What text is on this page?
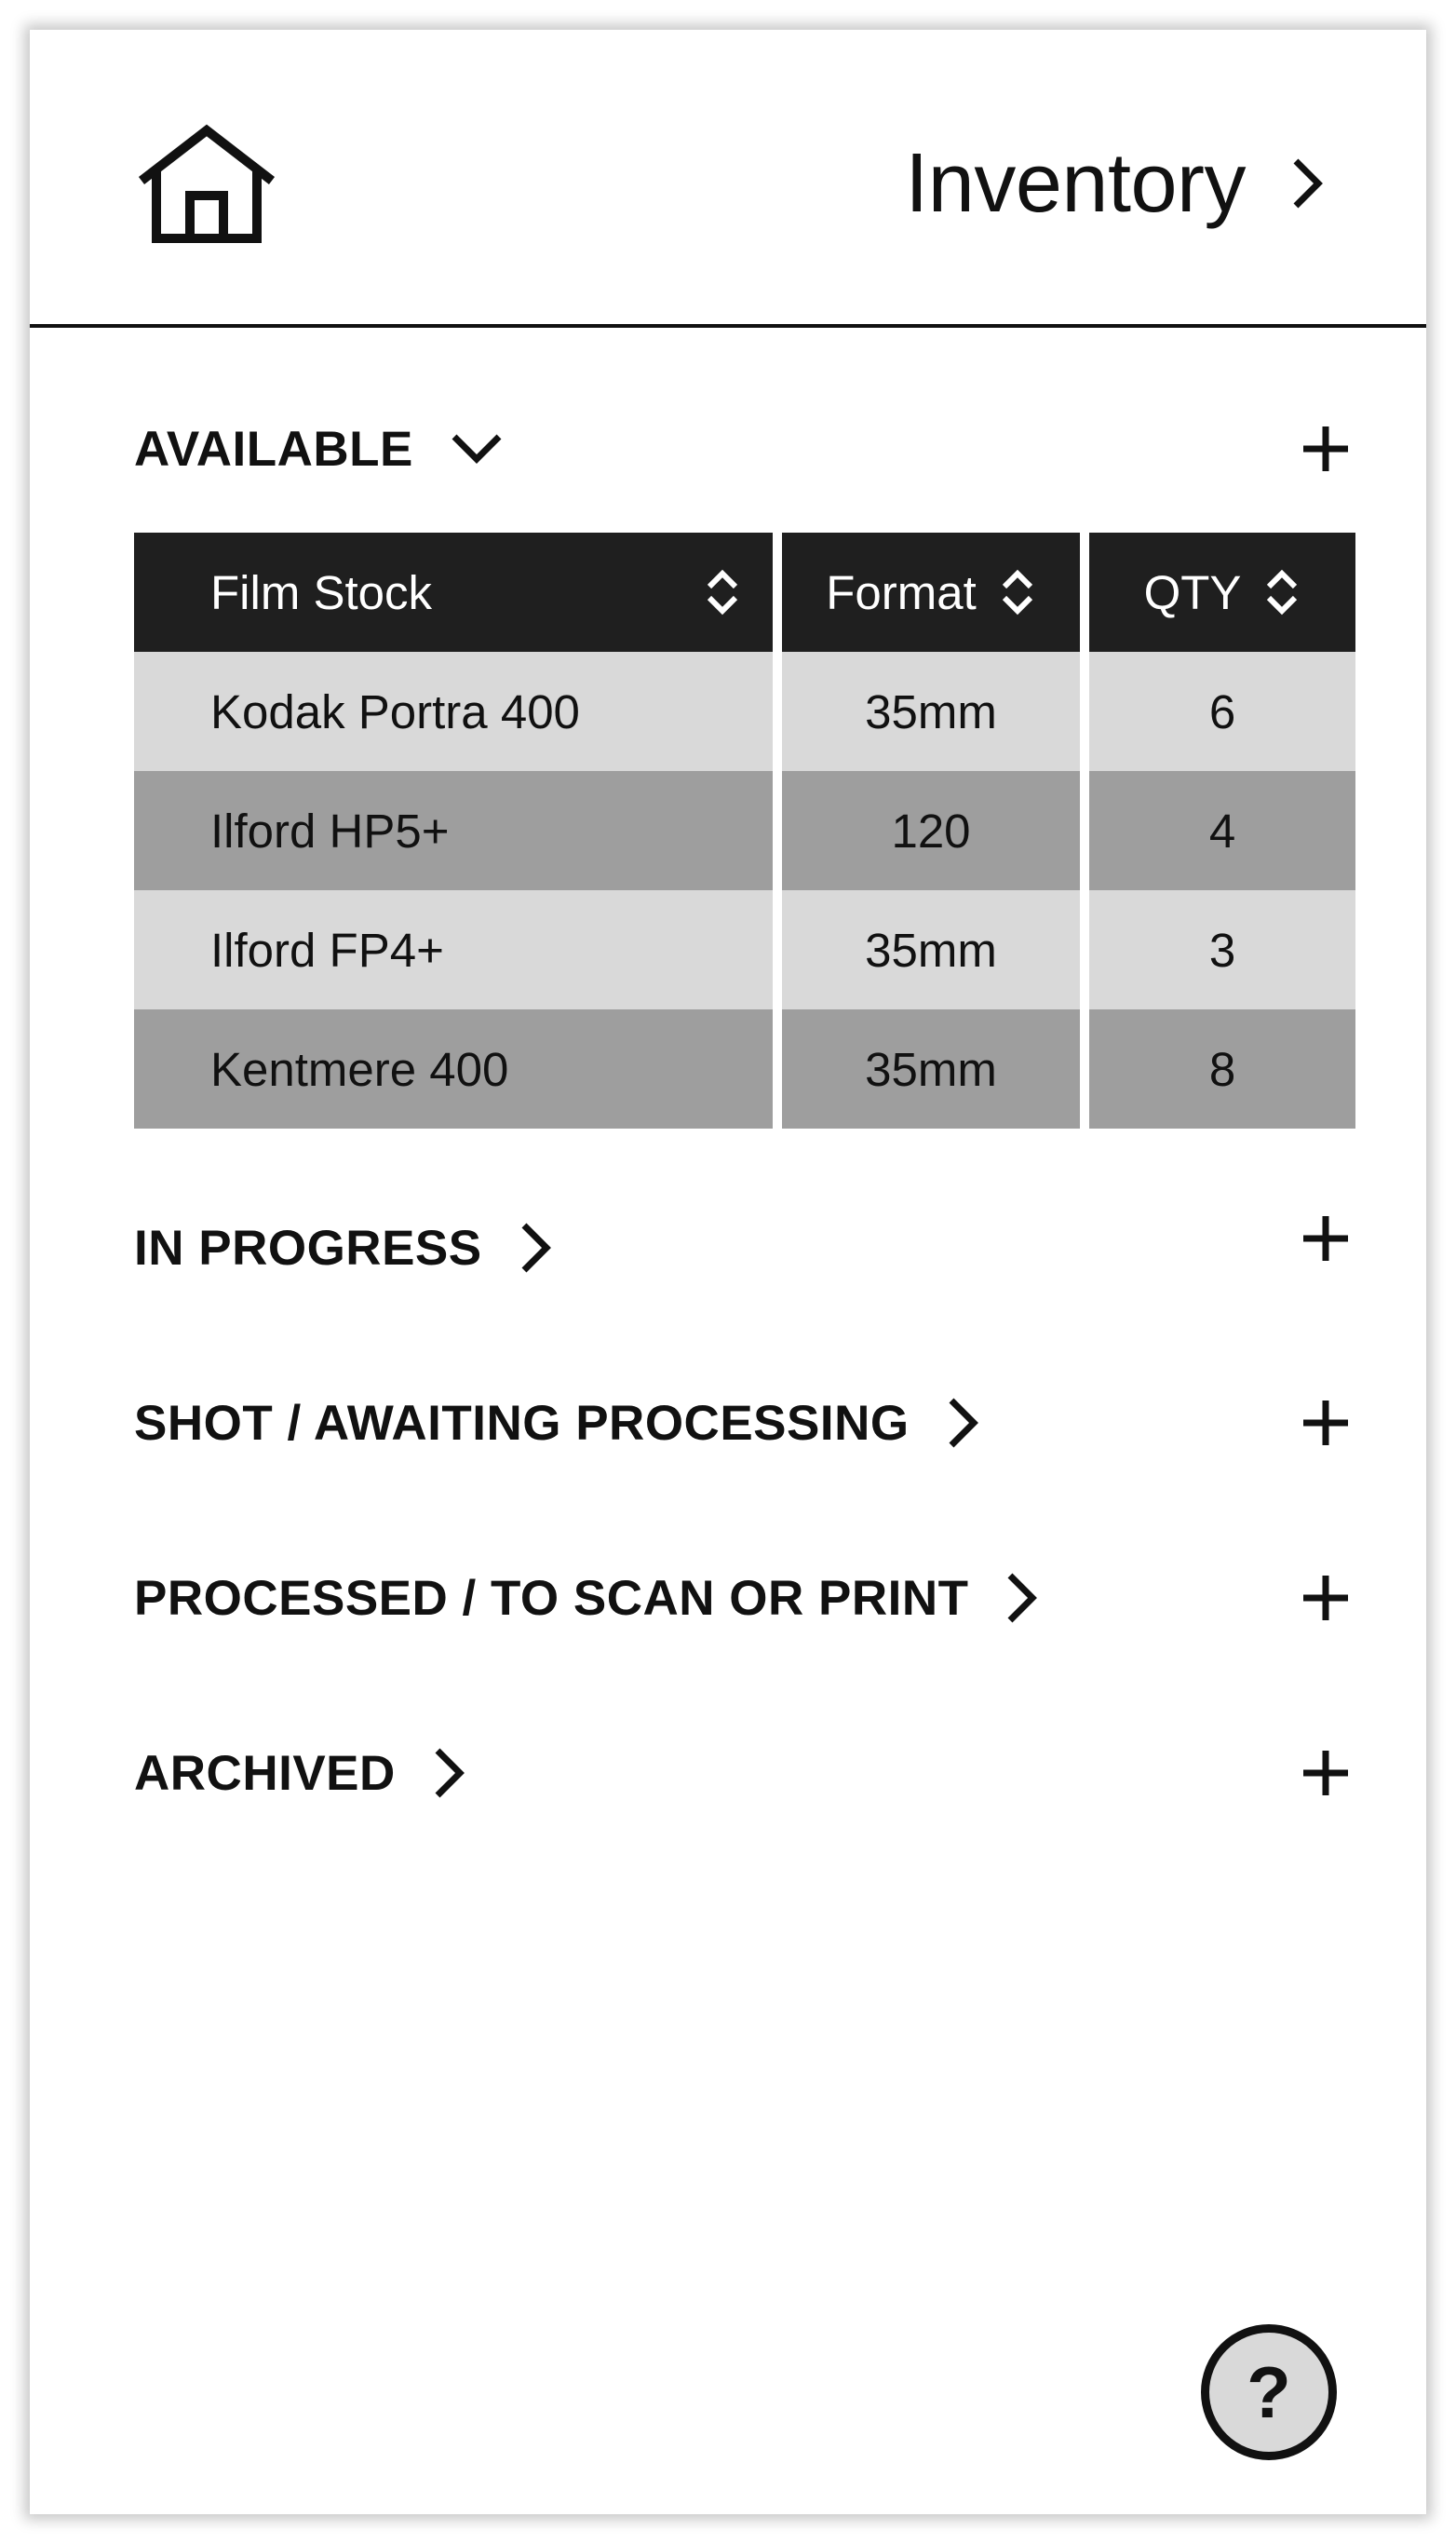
Inventory
AVAILABLE
Film Stock	Format	QTY
Kodak Portra 400	35mm	6
Ilford HP5+	120	4
Ilford FP4+	35mm	3
Kentmere 400	35mm	8
IN PROGRESS
SHOT / AWAITING PROCESSING
PROCESSED / TO SCAN OR PRINT
ARCHIVED
?
